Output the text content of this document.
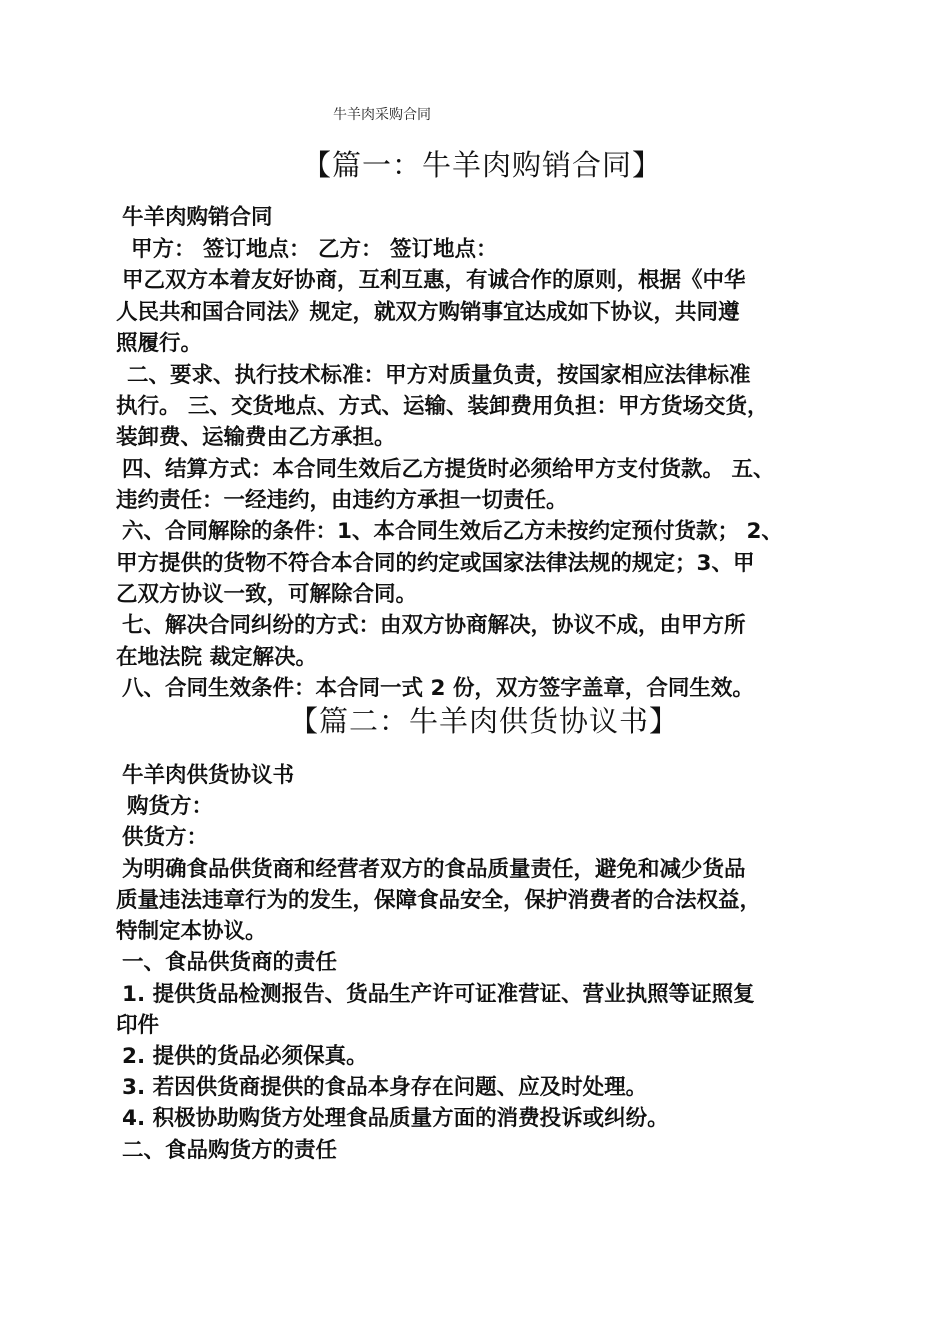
牛羊肉采购合同
【篇一：牛羊肉购销合同】
牛羊肉购销合同
甲方： 签订地点： 乙方： 签订地点：
甲乙双方本着友好协商，互利互惠，有诚合作的原则，根据《中华
人民共和国合同法》规定，就双方购销事宜达成如下协议，共同遵
照履行。
二、要求、执行技术标准：甲方对质量负责，按国家相应法律标准
执行。 三、交货地点、方式、运输、装卸费用负担：甲方货场交货，
装卸费、运输费由乙方承担。
四、结算方式：本合同生效后乙方提货时必须给甲方支付货款。 五、
违约责任：一经违约，由违约方承担一切责任。
六、合同解除的条件：1、本合同生效后乙方未按约定预付货款； 2、
甲方提供的货物不符合本合同的约定或国家法律法规的规定；3、甲
乙双方协议一致，可解除合同。
七、解决合同纠纷的方式：由双方协商解决，协议不成，由甲方所
在地法院 裁定解决。
八、合同生效条件：本合同一式 2 份，双方签字盖章，合同生效。
【篇二：牛羊肉供货协议书】
牛羊肉供货协议书
购货方：
供货方：
为明确食品供货商和经营者双方的食品质量责任，避免和减少货品
质量违法违章行为的发生，保障食品安全，保护消费者的合法权益，
特制定本协议。
一、食品供货商的责任
1. 提供货品检测报告、货品生产许可证准营证、营业执照等证照复
印件
2. 提供的货品必须保真。
3. 若因供货商提供的食品本身存在问题、应及时处理。
4. 积极协助购货方处理食品质量方面的消费投诉或纠纷。
二、食品购货方的责任
